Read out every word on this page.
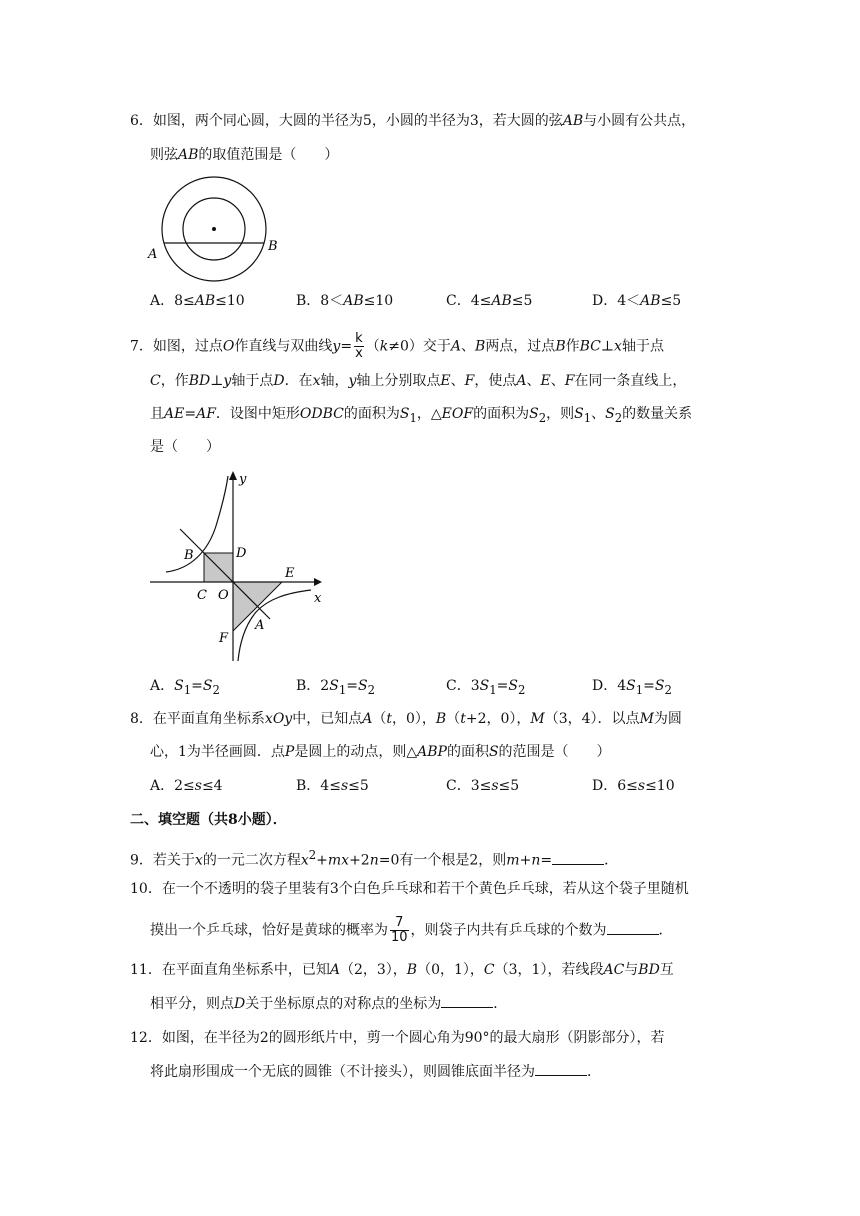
6．如图，两个同心圆，大圆的半径为5，小圆的半径为3，若大圆的弦AB与小圆有公共点，
则弦AB的取值范围是（　　）
A
B
A．8≤AB≤10	B．8＜AB≤10	C．4≤AB≤5	D．4＜AB≤5
7．如图，过点O作直线与双曲线$y= \frac{k}{x} (k\ne 0)$交于A、B两点，过点B作BC⊥x轴于点
C，作BD⊥y轴于点D．在x轴，y轴上分别取点E、F，使点A、E、F在同一条直线上，
且AE=AF．设图中矩形ODBC的面积为$S_1$，△EOF的面积为$S_2$，则$S_1$、$S_2$的数量关系
是（　　）
y
x
B	D
E
C O
F
A
A．$S_1=S_2$	B．$2S_1=S_2$	C．$3S_1=S_2$	D．$4S_1=S_2$
8．在平面直角坐标系xOy中，已知点A（t，0），B（t+2，0），M（3，4）．以点M为圆
心，1为半径画圆．点P是圆上的动点，则△ABP的面积S的范围是（　　）
A．2≤s≤4	B．4≤s≤5	C．3≤s≤5	D．6≤s≤10
二、填空题（共8小题）．
9．若关于x的一元二次方程$x^2+mx+2n=0$有一个根是2，则m+n=	．
10．在一个不透明的袋子里装有3个白色乒乓球和若干个黄色乒乓球，若从这个袋子里随机
摸出一个乒乓球，恰好是黄球的概率为 $\frac{7}{10}$ ，则袋子内共有乒乓球的个数为	．
11．在平面直角坐标系中，已知A（2，3），B（0，1），C（3，1），若线段AC与BD互
相平分，则点D关于坐标原点的对称点的坐标为	．
12．如图，在半径为2的圆形纸片中，剪一个圆心角为90°的最大扇形（阴影部分），若
将此扇形围成一个无底的圆锥（不计接头），则圆锥底面半径为	．
